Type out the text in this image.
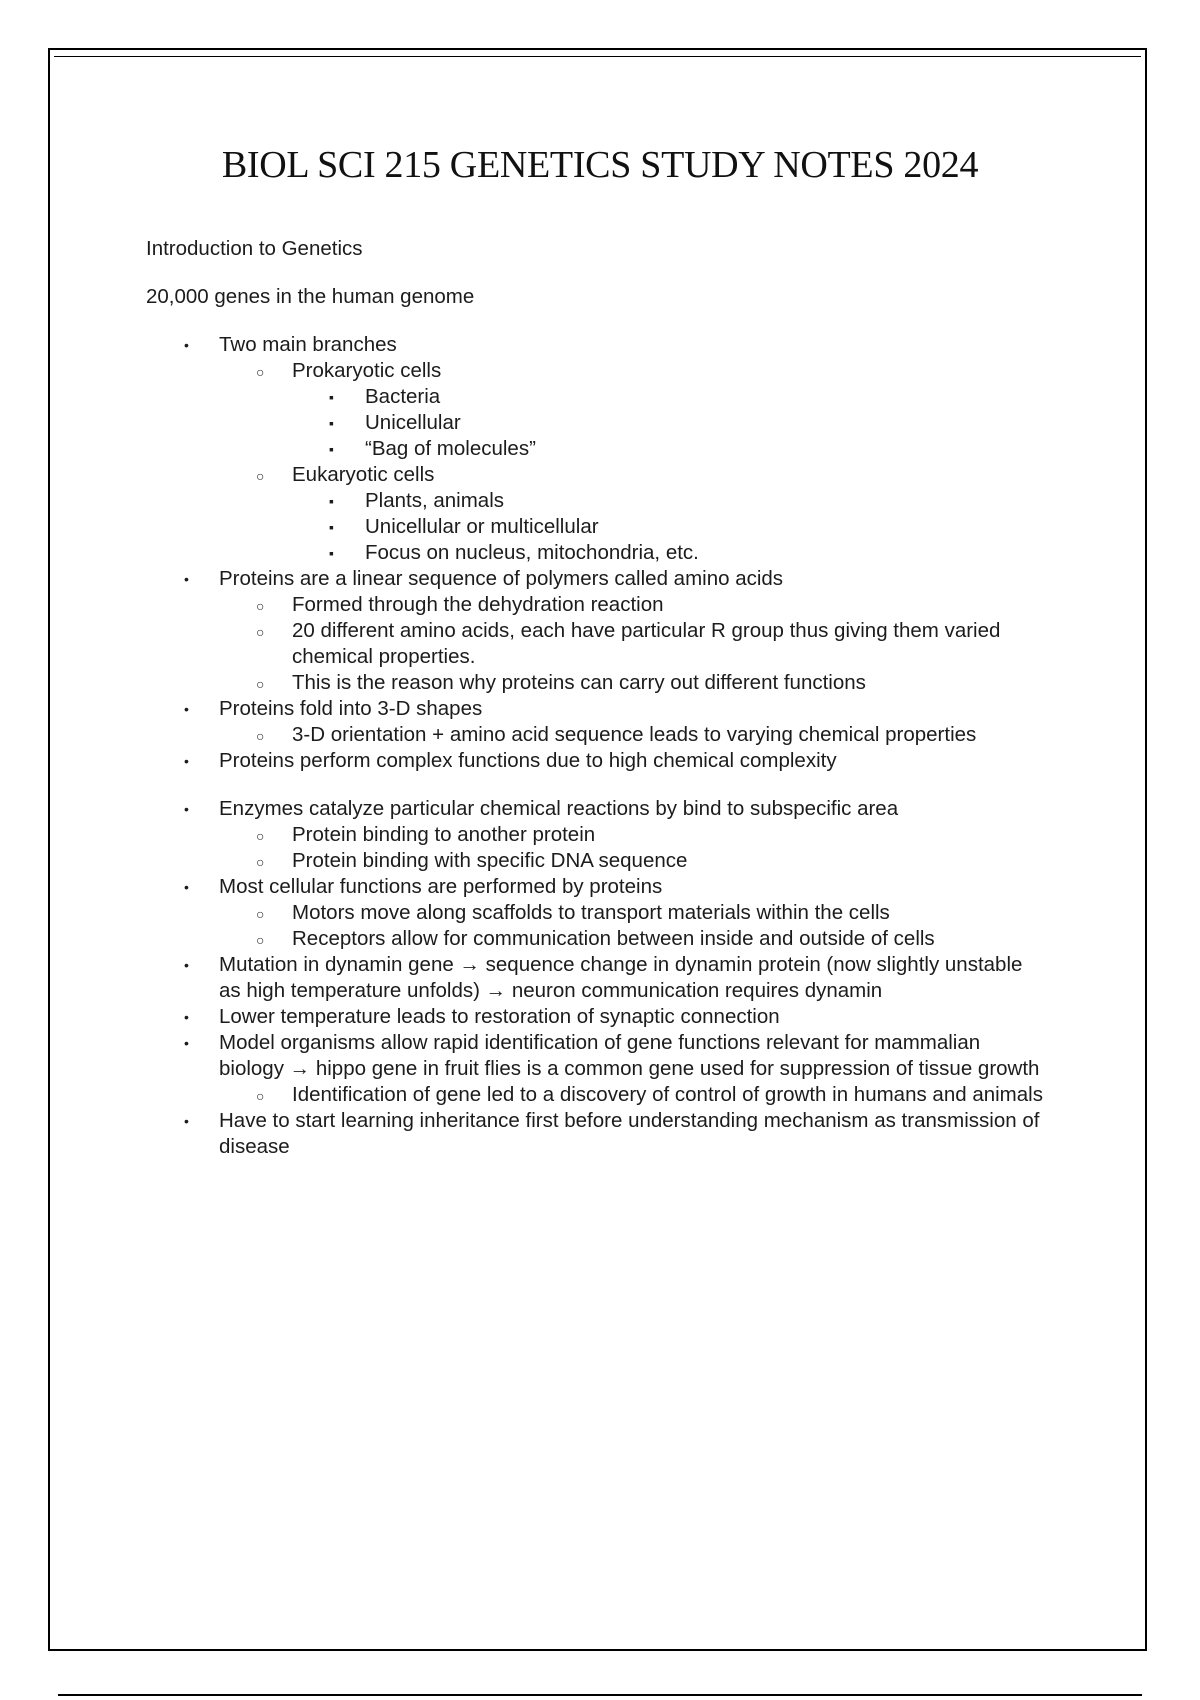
BIOL SCI 215 GENETICS STUDY NOTES 2024

Introduction to Genetics

20,000 genes in the human genome

• Two main branches
○ Prokaryotic cells
▪ Bacteria
▪ Unicellular
▪ “Bag of molecules”
○ Eukaryotic cells
▪ Plants, animals
▪ Unicellular or multicellular
▪ Focus on nucleus, mitochondria, etc.
• Proteins are a linear sequence of polymers called amino acids
○ Formed through the dehydration reaction
○ 20 different amino acids, each have particular R group thus giving them varied chemical properties.
○ This is the reason why proteins can carry out different functions
• Proteins fold into 3-D shapes
○ 3-D orientation + amino acid sequence leads to varying chemical properties
• Proteins perform complex functions due to high chemical complexity
• Enzymes catalyze particular chemical reactions by bind to subspecific area
○ Protein binding to another protein
○ Protein binding with specific DNA sequence
• Most cellular functions are performed by proteins
○ Motors move along scaffolds to transport materials within the cells
○ Receptors allow for communication between inside and outside of cells
• Mutation in dynamin gene → sequence change in dynamin protein (now slightly unstable as high temperature unfolds) → neuron communication requires dynamin
• Lower temperature leads to restoration of synaptic connection
• Model organisms allow rapid identification of gene functions relevant for mammalian biology → hippo gene in fruit flies is a common gene used for suppression of tissue growth
○ Identification of gene led to a discovery of control of growth in humans and animals
• Have to start learning inheritance first before understanding mechanism as transmission of disease
